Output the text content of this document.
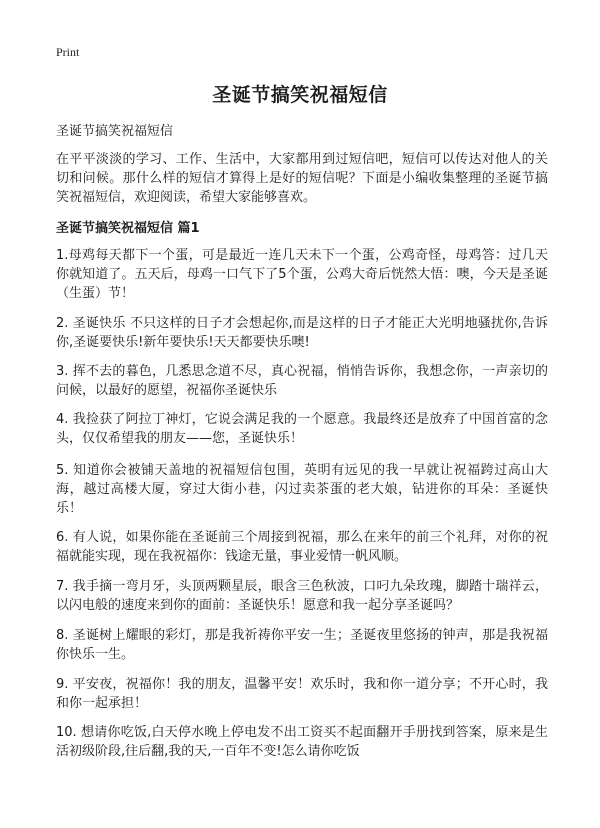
Print
圣诞节搞笑祝福短信

圣诞节搞笑祝福短信

在平平淡淡的学习、工作、生活中，大家都用到过短信吧，短信可以传达对他人的关切和问候。那什么样的短信才算得上是好的短信呢？下面是小编收集整理的圣诞节搞笑祝福短信，欢迎阅读，希望大家能够喜欢。

圣诞节搞笑祝福短信 篇1

1.母鸡每天都下一个蛋，可是最近一连几天未下一个蛋，公鸡奇怪，母鸡答：过几天你就知道了。五天后，母鸡一口气下了5个蛋，公鸡大奇后恍然大悟：噢，今天是圣诞（生蛋）节！

2. 圣诞快乐 不只这样的日子才会想起你,而是这样的日子才能正大光明地骚扰你,告诉你,圣诞要快乐!新年要快乐!天天都要快乐噢!

3. 挥不去的暮色，几悉思念道不尽，真心祝福，悄悄告诉你，我想念你，一声亲切的问候，以最好的愿望，祝福你圣诞快乐

4. 我捡获了阿拉丁神灯，它说会满足我的一个愿意。我最终还是放弃了中国首富的念头，仅仅希望我的朋友——您，圣诞快乐！

5. 知道你会被铺天盖地的祝福短信包围，英明有远见的我一早就让祝福跨过高山大海，越过高楼大厦，穿过大街小巷，闪过卖茶蛋的老大娘，钻进你的耳朵：圣诞快乐！

6. 有人说，如果你能在圣诞前三个周接到祝福，那么在来年的前三个礼拜，对你的祝福就能实现，现在我祝福你：钱途无量，事业爱情一帆风顺。

7. 我手摘一弯月牙，头顶两颗星辰，眼含三色秋波，口叼九朵玫瑰，脚踏十瑞祥云，以闪电般的速度来到你的面前：圣诞快乐！愿意和我一起分享圣诞吗？

8. 圣诞树上耀眼的彩灯，那是我祈祷你平安一生；圣诞夜里悠扬的钟声，那是我祝福你快乐一生。

9. 平安夜，祝福你！我的朋友，温馨平安！欢乐时，我和你一道分享；不开心时，我和你一起承担！

10. 想请你吃饭,白天停水晚上停电发不出工资买不起面翻开手册找到答案，原来是生活初级阶段,往后翻,我的天,一百年不变!怎么请你吃饭
